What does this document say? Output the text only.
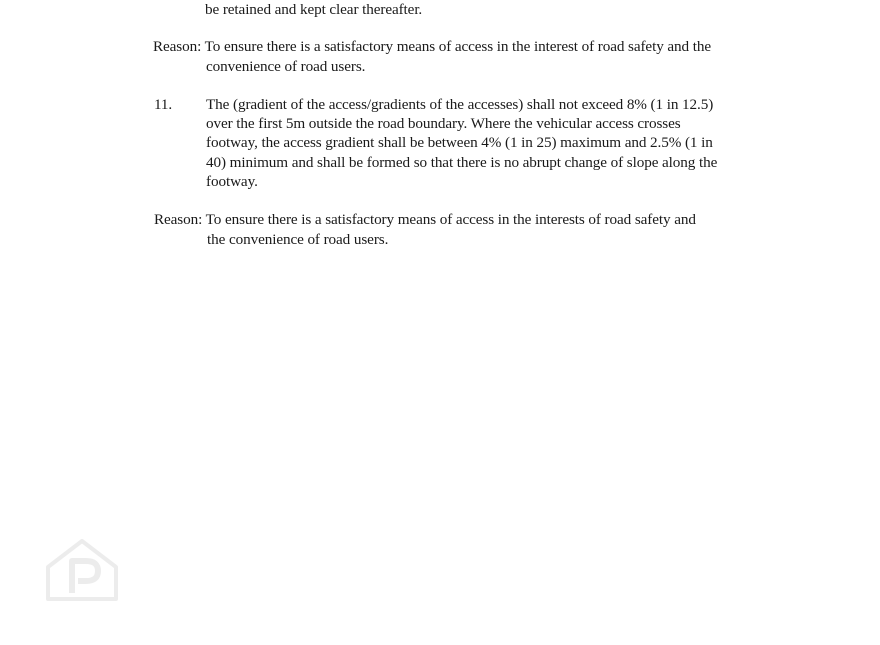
be retained and kept clear thereafter.
Reason: To ensure there is a satisfactory means of access in the interest of road safety and the
convenience of road users.
11. The (gradient of the access/gradients of the accesses) shall not exceed 8% (1 in 12.5)
over the first 5m outside the road boundary. Where the vehicular access crosses
footway, the access gradient shall be between 4% (1 in 25) maximum and 2.5% (1 in
40) minimum and shall be formed so that there is no abrupt change of slope along the
footway.
Reason: To ensure there is a satisfactory means of access in the interests of road safety and
the convenience of road users.
